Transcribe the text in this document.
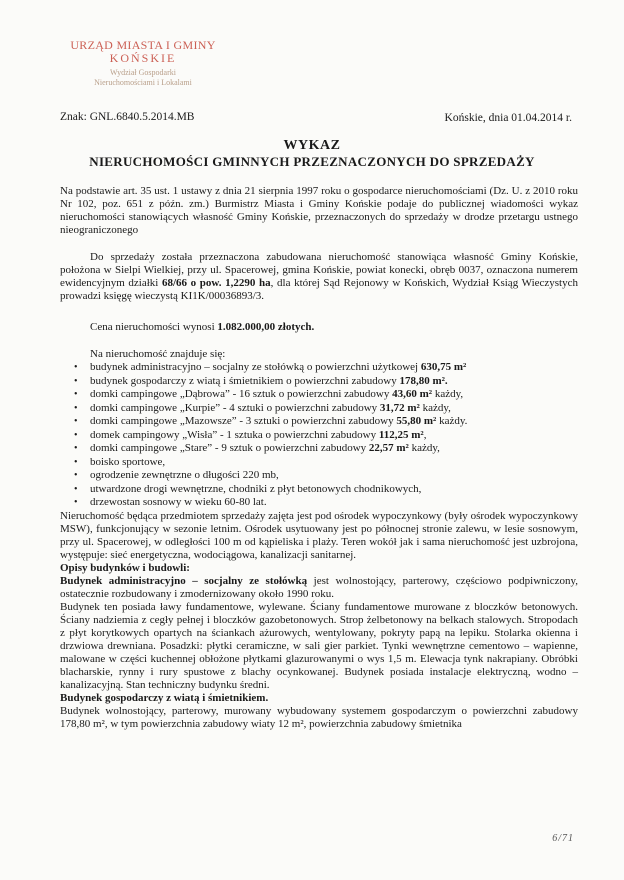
URZĄD MIASTA I GMINY
KOŃSKIE
Wydział Gospodarki
Nieruchomościami i Lokalami
Znak: GNL.6840.5.2014.MB	Końskie, dnia 01.04.2014 r.
WYKAZ
NIERUCHOMOŚCI GMINNYCH PRZEZNACZONYCH DO SPRZEDAŻY

Na podstawie art. 35 ust. 1 ustawy z dnia 21 sierpnia 1997 roku o gospodarce nieruchomościami (Dz. U. z 2010 roku Nr 102, poz. 651 z późn. zm.) Burmistrz Miasta i Gminy Końskie podaje do publicznej wiadomości wykaz nieruchomości stanowiących własność Gminy Końskie, przeznaczonych do sprzedaży w drodze przetargu ustnego nieograniczonego

Do sprzedaży została przeznaczona zabudowana nieruchomość stanowiąca własność Gminy Końskie, położona w Sielpi Wielkiej, przy ul. Spacerowej, gmina Końskie, powiat konecki, obręb 0037, oznaczona numerem ewidencyjnym działki 68/66 o pow. 1,2290 ha, dla której Sąd Rejonowy w Końskich, Wydział Ksiąg Wieczystych prowadzi księgę wieczystą KI1K/00036893/3.

Cena nieruchomości wynosi 1.082.000,00 złotych.

Na nieruchomość znajduje się:

• budynek administracyjno – socjalny ze stołówką o powierzchni użytkowej 630,75 m²
• budynek gospodarczy z wiatą i śmietnikiem o powierzchni zabudowy 178,80 m².
• domki campingowe „Dąbrowa” - 16 sztuk o powierzchni zabudowy 43,60 m² każdy,
• domki campingowe „Kurpie” - 4 sztuki o powierzchni zabudowy 31,72 m² każdy,
• domki campingowe „Mazowsze” - 3 sztuki o powierzchni zabudowy 55,80 m² każdy.
• domek campingowy „Wisła” - 1 sztuka o powierzchni zabudowy 112,25 m²,
• domki campingowe „Stare” - 9 sztuk o powierzchni zabudowy 22,57 m² każdy,
• boisko sportowe,
• ogrodzenie zewnętrzne o długości 220 mb,
• utwardzone drogi wewnętrzne, chodniki z płyt betonowych chodnikowych,
• drzewostan sosnowy w wieku 60-80 lat.

Nieruchomość będąca przedmiotem sprzedaży zajęta jest pod ośrodek wypoczynkowy (były ośrodek wypoczynkowy MSW), funkcjonujący w sezonie letnim. Ośrodek usytuowany jest po północnej stronie zalewu, w lesie sosnowym, przy ul. Spacerowej, w odległości 100 m od kąpieliska i plaży. Teren wokół jak i sama nieruchomość jest uzbrojona, występuje: sieć energetyczna, wodociągowa, kanalizacji sanitarnej.

Opisy budynków i budowli:

Budynek administracyjno – socjalny ze stołówką jest wolnostojący, parterowy, częściowo podpiwniczony, ostatecznie rozbudowany i zmodernizowany około 1990 roku.

Budynek ten posiada ławy fundamentowe, wylewane. Ściany fundamentowe murowane z bloczków betonowych. Ściany nadziemia z cegły pełnej i bloczków gazobetonowych. Strop żelbetonowy na belkach stalowych. Stropodach z płyt korytkowych opartych na ściankach ażurowych, wentylowany, pokryty papą na lepiku. Stolarka okienna i drzwiowa drewniana. Posadzki: płytki ceramiczne, w sali gier parkiet. Tynki wewnętrzne cementowo – wapienne, malowane w części kuchennej obłożone płytkami glazurowanymi o wys 1,5 m. Elewacja tynk nakrapiany. Obróbki blacharskie, rynny i rury spustowe z blachy ocynkowanej. Budynek posiada instalacje elektryczną, wodno – kanalizacyjną. Stan techniczny budynku średni.

Budynek gospodarczy z wiatą i śmietnikiem.

Budynek wolnostojący, parterowy, murowany wybudowany systemem gospodarczym o powierzchni zabudowy 178,80 m², w tym powierzchnia zabudowy wiaty 12 m², powierzchnia zabudowy śmietnika

6/71
